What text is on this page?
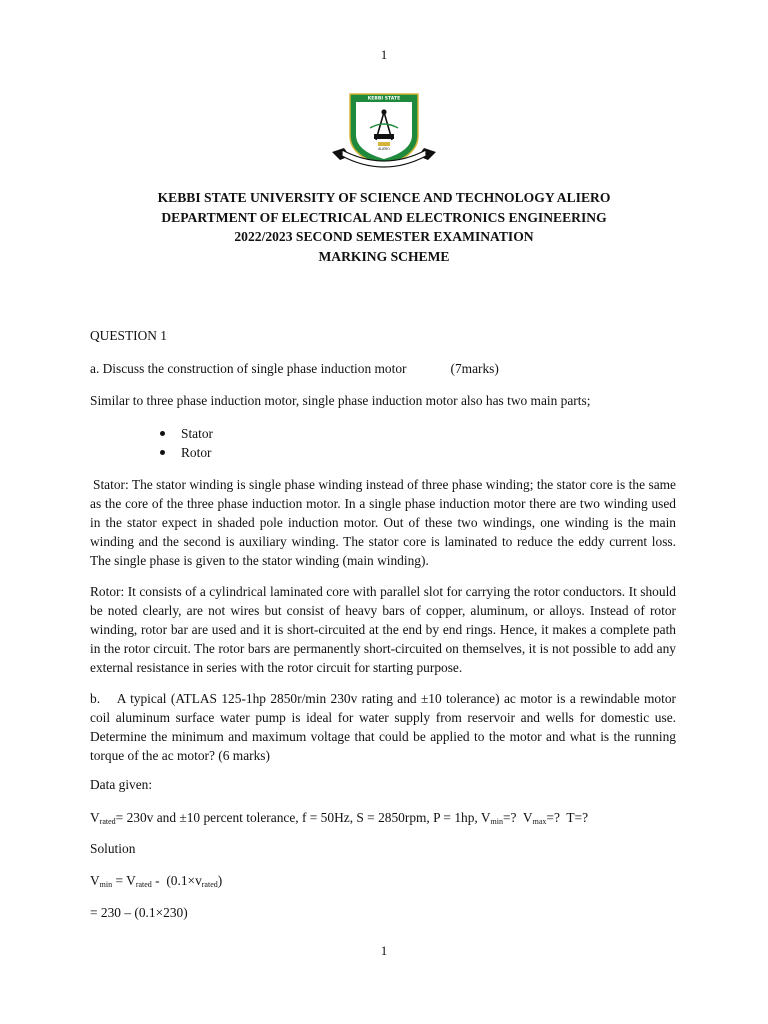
1
KEBBI STATE
ALIERO
KEBBI STATE UNIVERSITY OF SCIENCE AND TECHNOLOGY ALIERO
DEPARTMENT OF ELECTRICAL AND ELECTRONICS ENGINEERING
2022/2023 SECOND SEMESTER EXAMINATION
MARKING SCHEME
QUESTION 1
a. Discuss the construction of single phase induction motor	(7marks)
Similar to three phase induction motor, single phase induction motor also has two main parts;
Stator
Rotor
Stator: The stator winding is single phase winding instead of three phase winding; the stator core is the same as the core of the three phase induction motor. In a single phase induction motor there are two winding used in the stator expect in shaded pole induction motor. Out of these two windings, one winding is the main winding and the second is auxiliary winding. The stator core is laminated to reduce the eddy current loss. The single phase is given to the stator winding (main winding).
Rotor: It consists of a cylindrical laminated core with parallel slot for carrying the rotor conductors. It should be noted clearly, are not wires but consist of heavy bars of copper, aluminum, or alloys. Instead of rotor winding, rotor bar are used and it is short-circuited at the end by end rings. Hence, it makes a complete path in the rotor circuit. The rotor bars are permanently short-circuited on themselves, it is not possible to add any external resistance in series with the rotor circuit for starting purpose.
b.    A typical (ATLAS 125-1hp 2850r/min 230v rating and ±10 tolerance) ac motor is a rewindable motor coil aluminum surface water pump is ideal for water supply from reservoir and wells for domestic use. Determine the minimum and maximum voltage that could be applied to the motor and what is the running torque of the ac motor? (6 marks)
Data given:
$V_{rated}= 230v$ and ±10 percent tolerance, f = 50Hz, S = 2850rpm, P = 1hp, $V_{min}=$?  $V_{max}=$?  T=?
Solution
$V_{min} = V_{rated} - (0.1\times v_{rated})$
= 230 – (0.1×230)
1
